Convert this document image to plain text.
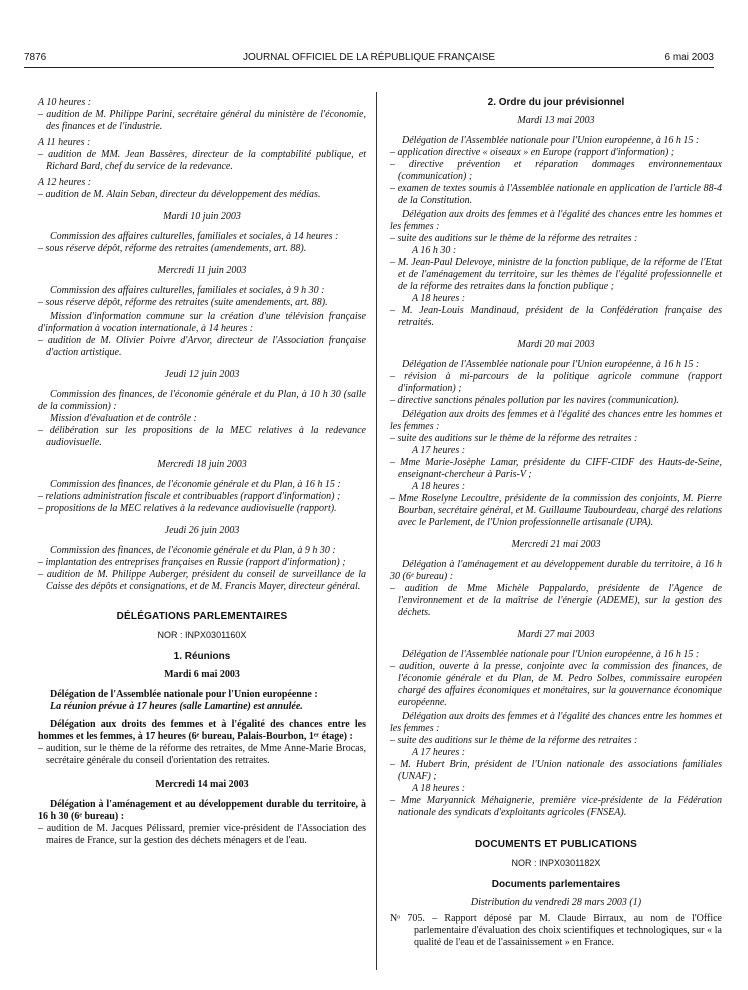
7876	JOURNAL OFFICIEL DE LA RÉPUBLIQUE FRANÇAISE	6 mai 2003

A 10 heures :

– audition de M. Philippe Parini, secrétaire général du ministère de l'économie, des finances et de l'industrie.

A 11 heures :

– audition de MM. Jean Bassères, directeur de la comptabilité publique, et Richard Bard, chef du service de la redevance.

A 12 heures :

– audition de M. Alain Seban, directeur du développement des médias.

Mardi 10 juin 2003

Commission des affaires culturelles, familiales et sociales, à 14 heures :

– sous réserve dépôt, réforme des retraites (amendements, art. 88).

Mercredi 11 juin 2003

Commission des affaires culturelles, familiales et sociales, à 9 h 30 :

– sous réserve dépôt, réforme des retraites (suite amendements, art. 88).

Mission d'information commune sur la création d'une télévision française d'information à vocation internationale, à 14 heures :

– audition de M. Olivier Poivre d'Arvor, directeur de l'Association française d'action artistique.

Jeudi 12 juin 2003

Commission des finances, de l'économie générale et du Plan, à 10 h 30 (salle de la commission) :

Mission d'évaluation et de contrôle :

– délibération sur les propositions de la MEC relatives à la redevance audiovisuelle.

Mercredi 18 juin 2003

Commission des finances, de l'économie générale et du Plan, à 16 h 15 :

– relations administration fiscale et contribuables (rapport d'information) ;

– propositions de la MEC relatives à la redevance audiovisuelle (rapport).

Jeudi 26 juin 2003

Commission des finances, de l'économie générale et du Plan, à 9 h 30 :

– implantation des entreprises françaises en Russie (rapport d'information) ;

– audition de M. Philippe Auberger, président du conseil de surveillance de la Caisse des dépôts et consignations, et de M. Francis Mayer, directeur général.

DÉLÉGATIONS PARLEMENTAIRES

NOR : INPX0301160X

1. Réunions

Mardi 6 mai 2003

Délégation de l'Assemblée nationale pour l'Union européenne :

La réunion prévue à 17 heures (salle Lamartine) est annulée.

Délégation aux droits des femmes et à l'égalité des chances entre les hommes et les femmes, à 17 heures (6ᵉ bureau, Palais-Bourbon, 1ᵉʳ étage) :

– audition, sur le thème de la réforme des retraites, de Mme Anne-Marie Brocas, secrétaire générale du conseil d'orientation des retraites.

Mercredi 14 mai 2003

Délégation à l'aménagement et au développement durable du territoire, à 16 h 30 (6ᵉ bureau) :

– audition de M. Jacques Pélissard, premier vice-président de l'Association des maires de France, sur la gestion des déchets ménagers et de l'eau.

2. Ordre du jour prévisionnel

Mardi 13 mai 2003

Délégation de l'Assemblée nationale pour l'Union européenne, à 16 h 15 :

– application directive « oiseaux » en Europe (rapport d'information) ;

– directive prévention et réparation dommages environnementaux (communication) ;

– examen de textes soumis à l'Assemblée nationale en application de l'article 88-4 de la Constitution.

Délégation aux droits des femmes et à l'égalité des chances entre les hommes et les femmes :

– suite des auditions sur le thème de la réforme des retraites :

A 16 h 30 :

– M. Jean-Paul Delevoye, ministre de la fonction publique, de la réforme de l'Etat et de l'aménagement du territoire, sur les thèmes de l'égalité professionnelle et de la réforme des retraites dans la fonction publique ;

A 18 heures :

– M. Jean-Louis Mandinaud, président de la Confédération française des retraités.

Mardi 20 mai 2003

Délégation de l'Assemblée nationale pour l'Union européenne, à 16 h 15 :

– révision à mi-parcours de la politique agricole commune (rapport d'information) ;

– directive sanctions pénales pollution par les navires (communication).

Délégation aux droits des femmes et à l'égalité des chances entre les hommes et les femmes :

– suite des auditions sur le thème de la réforme des retraites :

A 17 heures :

– Mme Marie-Josèphe Lamar, présidente du CIFF-CIDF des Hauts-de-Seine, enseignant-chercheur à Paris-V ;

A 18 heures :

– Mme Roselyne Lecoultre, présidente de la commission des conjoints, M. Pierre Bourban, secrétaire général, et M. Guillaume Taubourdeau, chargé des relations avec le Parlement, de l'Union professionnelle artisanale (UPA).

Mercredi 21 mai 2003

Délégation à l'aménagement et au développement durable du territoire, à 16 h 30 (6ᵉ bureau) :

– audition de Mme Michèle Pappalardo, présidente de l'Agence de l'environnement et de la maîtrise de l'énergie (ADEME), sur la gestion des déchets.

Mardi 27 mai 2003

Délégation de l'Assemblée nationale pour l'Union européenne, à 16 h 15 :

– audition, ouverte à la presse, conjointe avec la commission des finances, de l'économie générale et du Plan, de M. Pedro Solbes, commissaire européen chargé des affaires économiques et monétaires, sur la gouvernance économique européenne.

Délégation aux droits des femmes et à l'égalité des chances entre les hommes et les femmes :

– suite des auditions sur le thème de la réforme des retraites :

A 17 heures :

– M. Hubert Brin, président de l'Union nationale des associations familiales (UNAF) ;

A 18 heures :

– Mme Maryannick Méhaignerie, première vice-présidente de la Fédération nationale des syndicats d'exploitants agricoles (FNSEA).

DOCUMENTS ET PUBLICATIONS

NOR : INPX0301182X

Documents parlementaires

Distribution du vendredi 28 mars 2003 (1)

Nᵒ 705. – Rapport déposé par M. Claude Birraux, au nom de l'Office parlementaire d'évaluation des choix scientifiques et technologiques, sur « la qualité de l'eau et de l'assainissement » en France.
